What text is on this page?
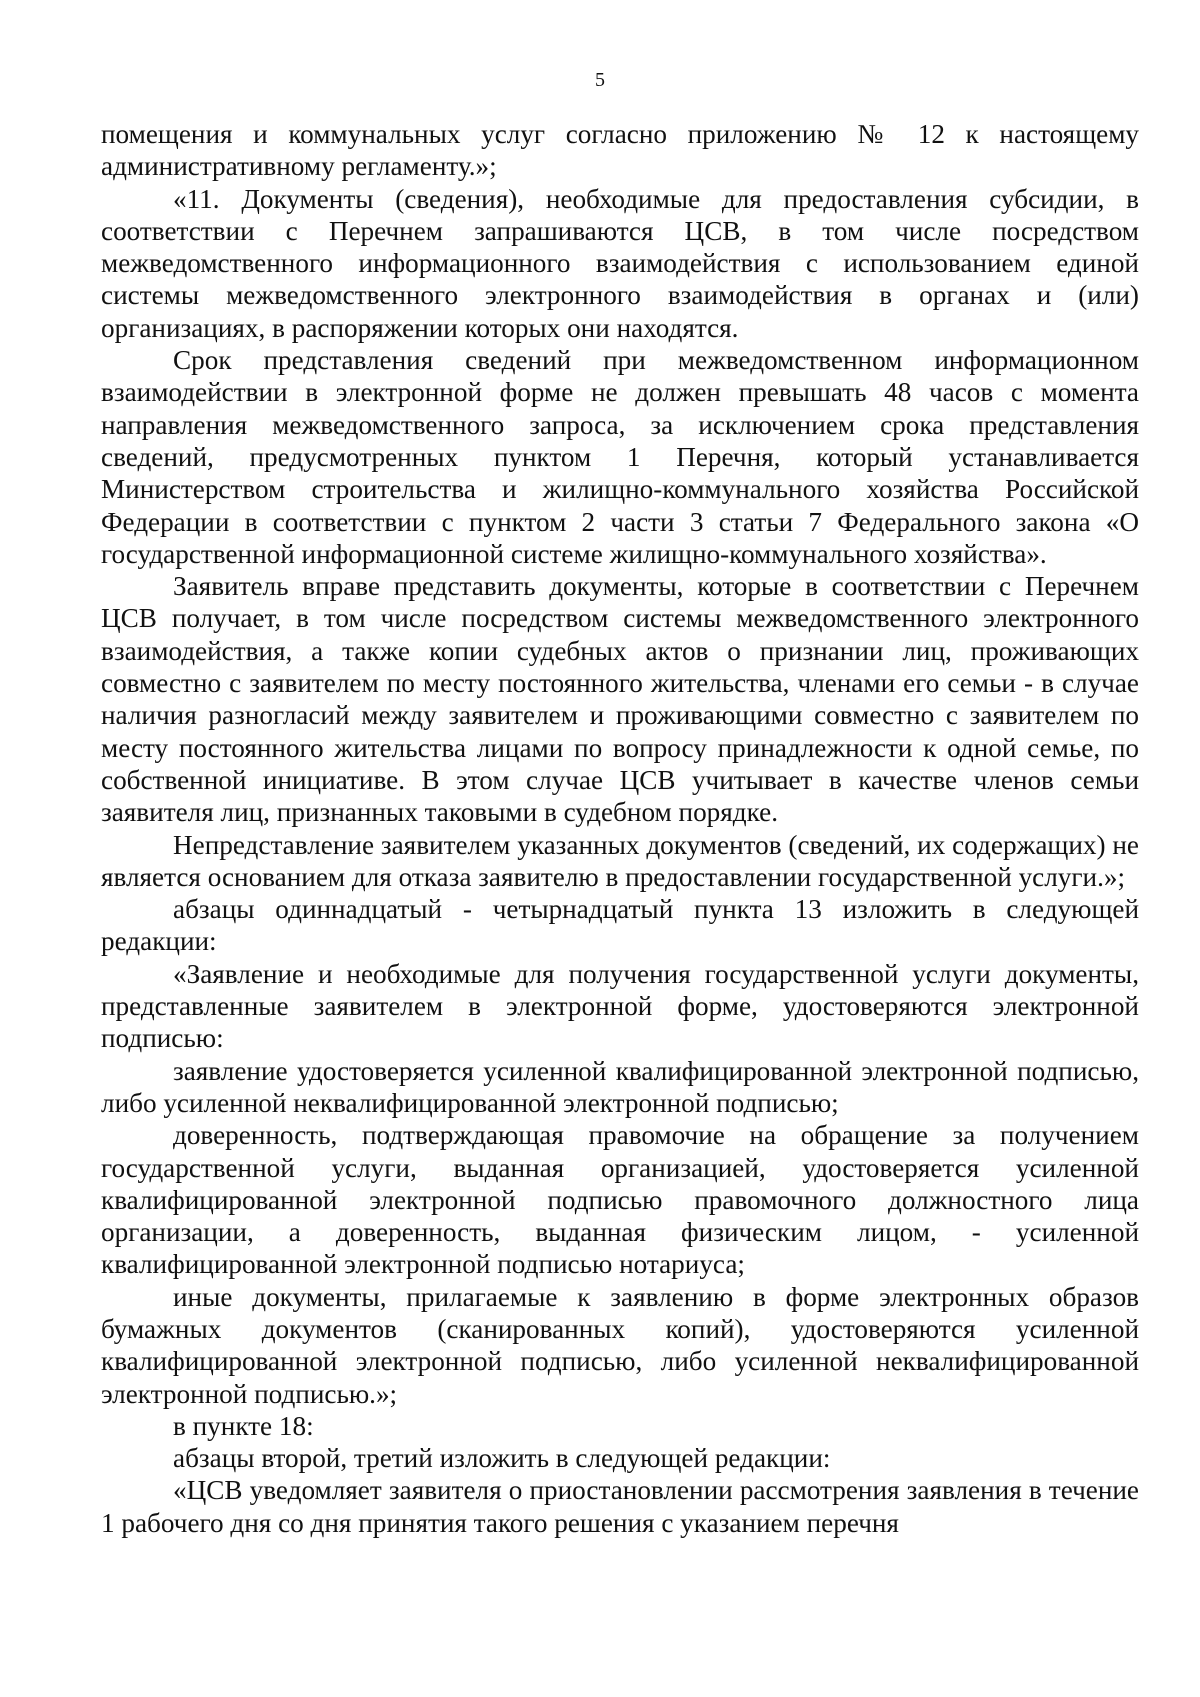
5

помещения и коммунальных услуг согласно приложению № 12 к настоящему административному регламенту.»;

«11. Документы (сведения), необходимые для предоставления субсидии, в соответствии с Перечнем запрашиваются ЦСВ, в том числе посредством межведомственного информационного взаимодействия с использованием единой системы межведомственного электронного взаимодействия в органах и (или) организациях, в распоряжении которых они находятся.

Срок представления сведений при межведомственном информационном взаимодействии в электронной форме не должен превышать 48 часов с момента направления межведомственного запроса, за исключением срока представления сведений, предусмотренных пунктом 1 Перечня, который устанавливается Министерством строительства и жилищно-коммунального хозяйства Российской Федерации в соответствии с пунктом 2 части 3 статьи 7 Федерального закона «О государственной информационной системе жилищно-коммунального хозяйства».

Заявитель вправе представить документы, которые в соответствии с Перечнем ЦСВ получает, в том числе посредством системы межведомственного электронного взаимодействия, а также копии судебных актов о признании лиц, проживающих совместно с заявителем по месту постоянного жительства, членами его семьи - в случае наличия разногласий между заявителем и проживающими совместно с заявителем по месту постоянного жительства лицами по вопросу принадлежности к одной семье, по собственной инициативе. В этом случае ЦСВ учитывает в качестве членов семьи заявителя лиц, признанных таковыми в судебном порядке.

Непредставление заявителем указанных документов (сведений, их содержащих) не является основанием для отказа заявителю в предоставлении государственной услуги.»;

абзацы одиннадцатый - четырнадцатый пункта 13 изложить в следующей редакции:

«Заявление и необходимые для получения государственной услуги документы, представленные заявителем в электронной форме, удостоверяются электронной подписью:

заявление удостоверяется усиленной квалифицированной электронной подписью, либо усиленной неквалифицированной электронной подписью;

доверенность, подтверждающая правомочие на обращение за получением государственной услуги, выданная организацией, удостоверяется усиленной квалифицированной электронной подписью правомочного должностного лица организации, а доверенность, выданная физическим лицом, - усиленной квалифицированной электронной подписью нотариуса;

иные документы, прилагаемые к заявлению в форме электронных образов бумажных документов (сканированных копий), удостоверяются усиленной квалифицированной электронной подписью, либо усиленной неквалифицированной электронной подписью.»;

в пункте 18:

абзацы второй, третий изложить в следующей редакции:

«ЦСВ уведомляет заявителя о приостановлении рассмотрения заявления в течение 1 рабочего дня со дня принятия такого решения с указанием перечня
